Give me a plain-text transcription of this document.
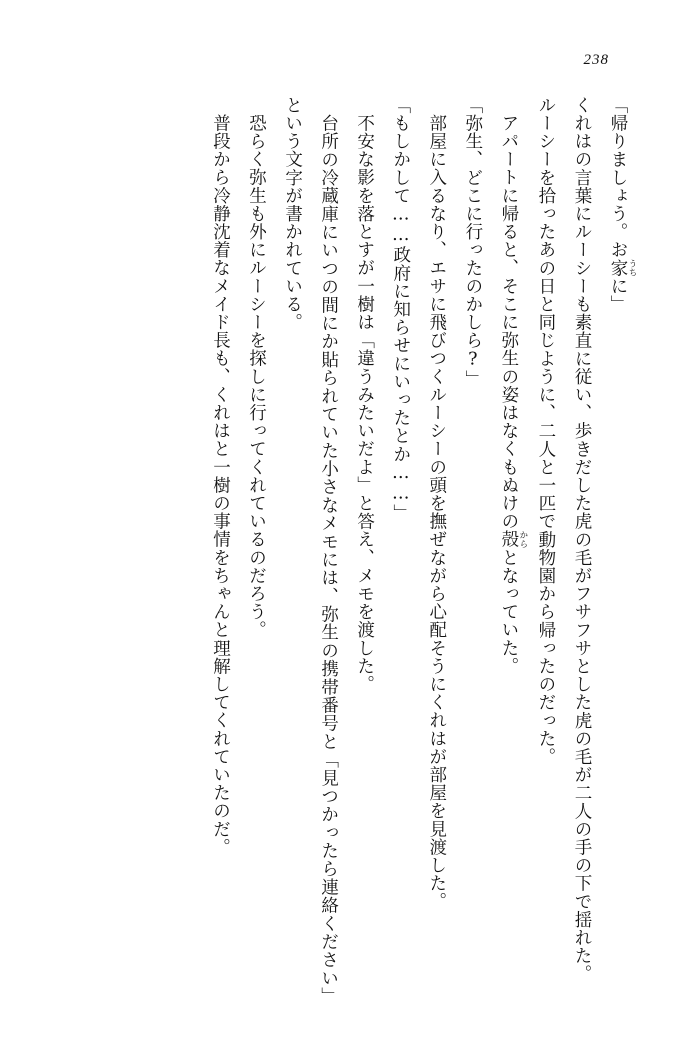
238

「帰りましょう。お家 うちに」

くれはの言葉にルーシーも素直に従い、歩きだした虎の毛がフサフサとした虎の毛が二人の手の下で揺れた。

ルーシーを拾ったあの日と同じように、二人と一匹で動物園から帰ったのだった。

アパートに帰ると、そこに弥生の姿はなくもぬけの殻 からとなっていた。

「弥生、どこに行ったのかしら?」

部屋に入るなり、エサに飛びつくルーシーの頭を撫ぜながら心配そうにくれはが部屋を見渡した。

「もしかして……政府に知らせにいったとか……」

不安な影を落とすが一樹は「違うみたいだよ」と答え、メモを渡した。

台所の冷蔵庫にいつの間にか貼られていた小さなメモには、弥生の携帯番号と「見つかったら連絡ください」という文字が書かれている。

恐らく弥生も外にルーシーを探しに行ってくれているのだろう。

普段から冷静沈着なメイド長も、くれはと一樹の事情をちゃんと理解してくれていたのだ。
